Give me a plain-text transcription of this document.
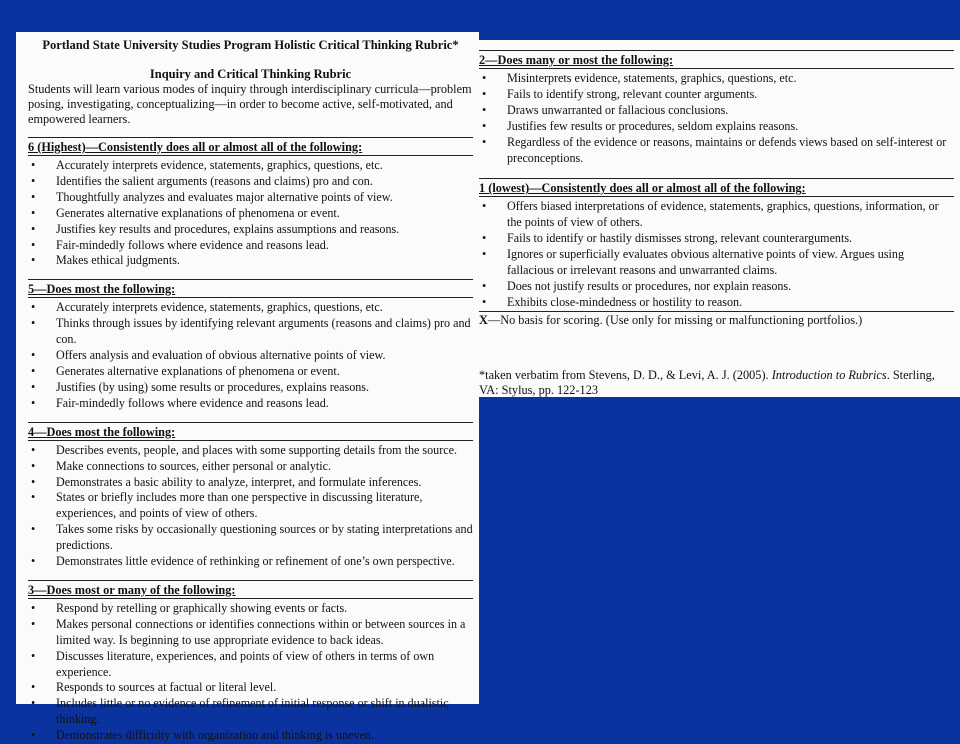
Portland State University Studies Program Holistic Critical Thinking Rubric*

Inquiry and Critical Thinking Rubric

Students will learn various modes of inquiry through interdisciplinary curricula—problem posing, investigating, conceptualizing—in order to become active, self-motivated, and empowered learners.

6 (Highest)—Consistently does all or almost all of the following:
• Accurately interprets evidence, statements, graphics, questions, etc.
• Identifies the salient arguments (reasons and claims) pro and con.
• Thoughtfully analyzes and evaluates major alternative points of view.
• Generates alternative explanations of phenomena or event.
• Justifies key results and procedures, explains assumptions and reasons.
• Fair-mindedly follows where evidence and reasons lead.
• Makes ethical judgments.
5—Does most the following:
• Accurately interprets evidence, statements, graphics, questions, etc.
• Thinks through issues by identifying relevant arguments (reasons and claims) pro and con.
• Offers analysis and evaluation of obvious alternative points of view.
• Generates alternative explanations of phenomena or event.
• Justifies (by using) some results or procedures, explains reasons.
• Fair-mindedly follows where evidence and reasons lead.
4—Does most the following:
• Describes events, people, and places with some supporting details from the source.
• Make connections to sources, either personal or analytic.
• Demonstrates a basic ability to analyze, interpret, and formulate inferences.
• States or briefly includes more than one perspective in discussing literature, experiences, and points of view of others.
• Takes some risks by occasionally questioning sources or by stating interpretations and predictions.
• Demonstrates little evidence of rethinking or refinement of one’s own perspective.
3—Does most or many of the following:
• Respond by retelling or graphically showing events or facts.
• Makes personal connections or identifies connections within or between sources in a limited way. Is beginning to use appropriate evidence to back ideas.
• Discusses literature, experiences, and points of view of others in terms of own experience.
• Responds to sources at factual or literal level.
• Includes little or no evidence of refinement of initial response or shift in dualistic thinking.
• Demonstrates difficulty with organization and thinking is uneven.
2—Does many or most the following:
• Misinterprets evidence, statements, graphics, questions, etc.
• Fails to identify strong, relevant counter arguments.
• Draws unwarranted or fallacious conclusions.
• Justifies few results or procedures, seldom explains reasons.
• Regardless of the evidence or reasons, maintains or defends views based on self-interest or preconceptions.
1 (lowest)—Consistently does all or almost all of the following:
• Offers biased interpretations of evidence, statements, graphics, questions, information, or the points of view of others.
• Fails to identify or hastily dismisses strong, relevant counterarguments.
• Ignores or superficially evaluates obvious alternative points of view. Argues using fallacious or irrelevant reasons and unwarranted claims.
• Does not justify results or procedures, nor explain reasons.
• Exhibits close-mindedness or hostility to reason.

X—No basis for scoring. (Use only for missing or malfunctioning portfolios.)

*taken verbatim from Stevens, D. D., & Levi, A. J. (2005). Introduction to Rubrics. Sterling, VA: Stylus, pp. 122-123
